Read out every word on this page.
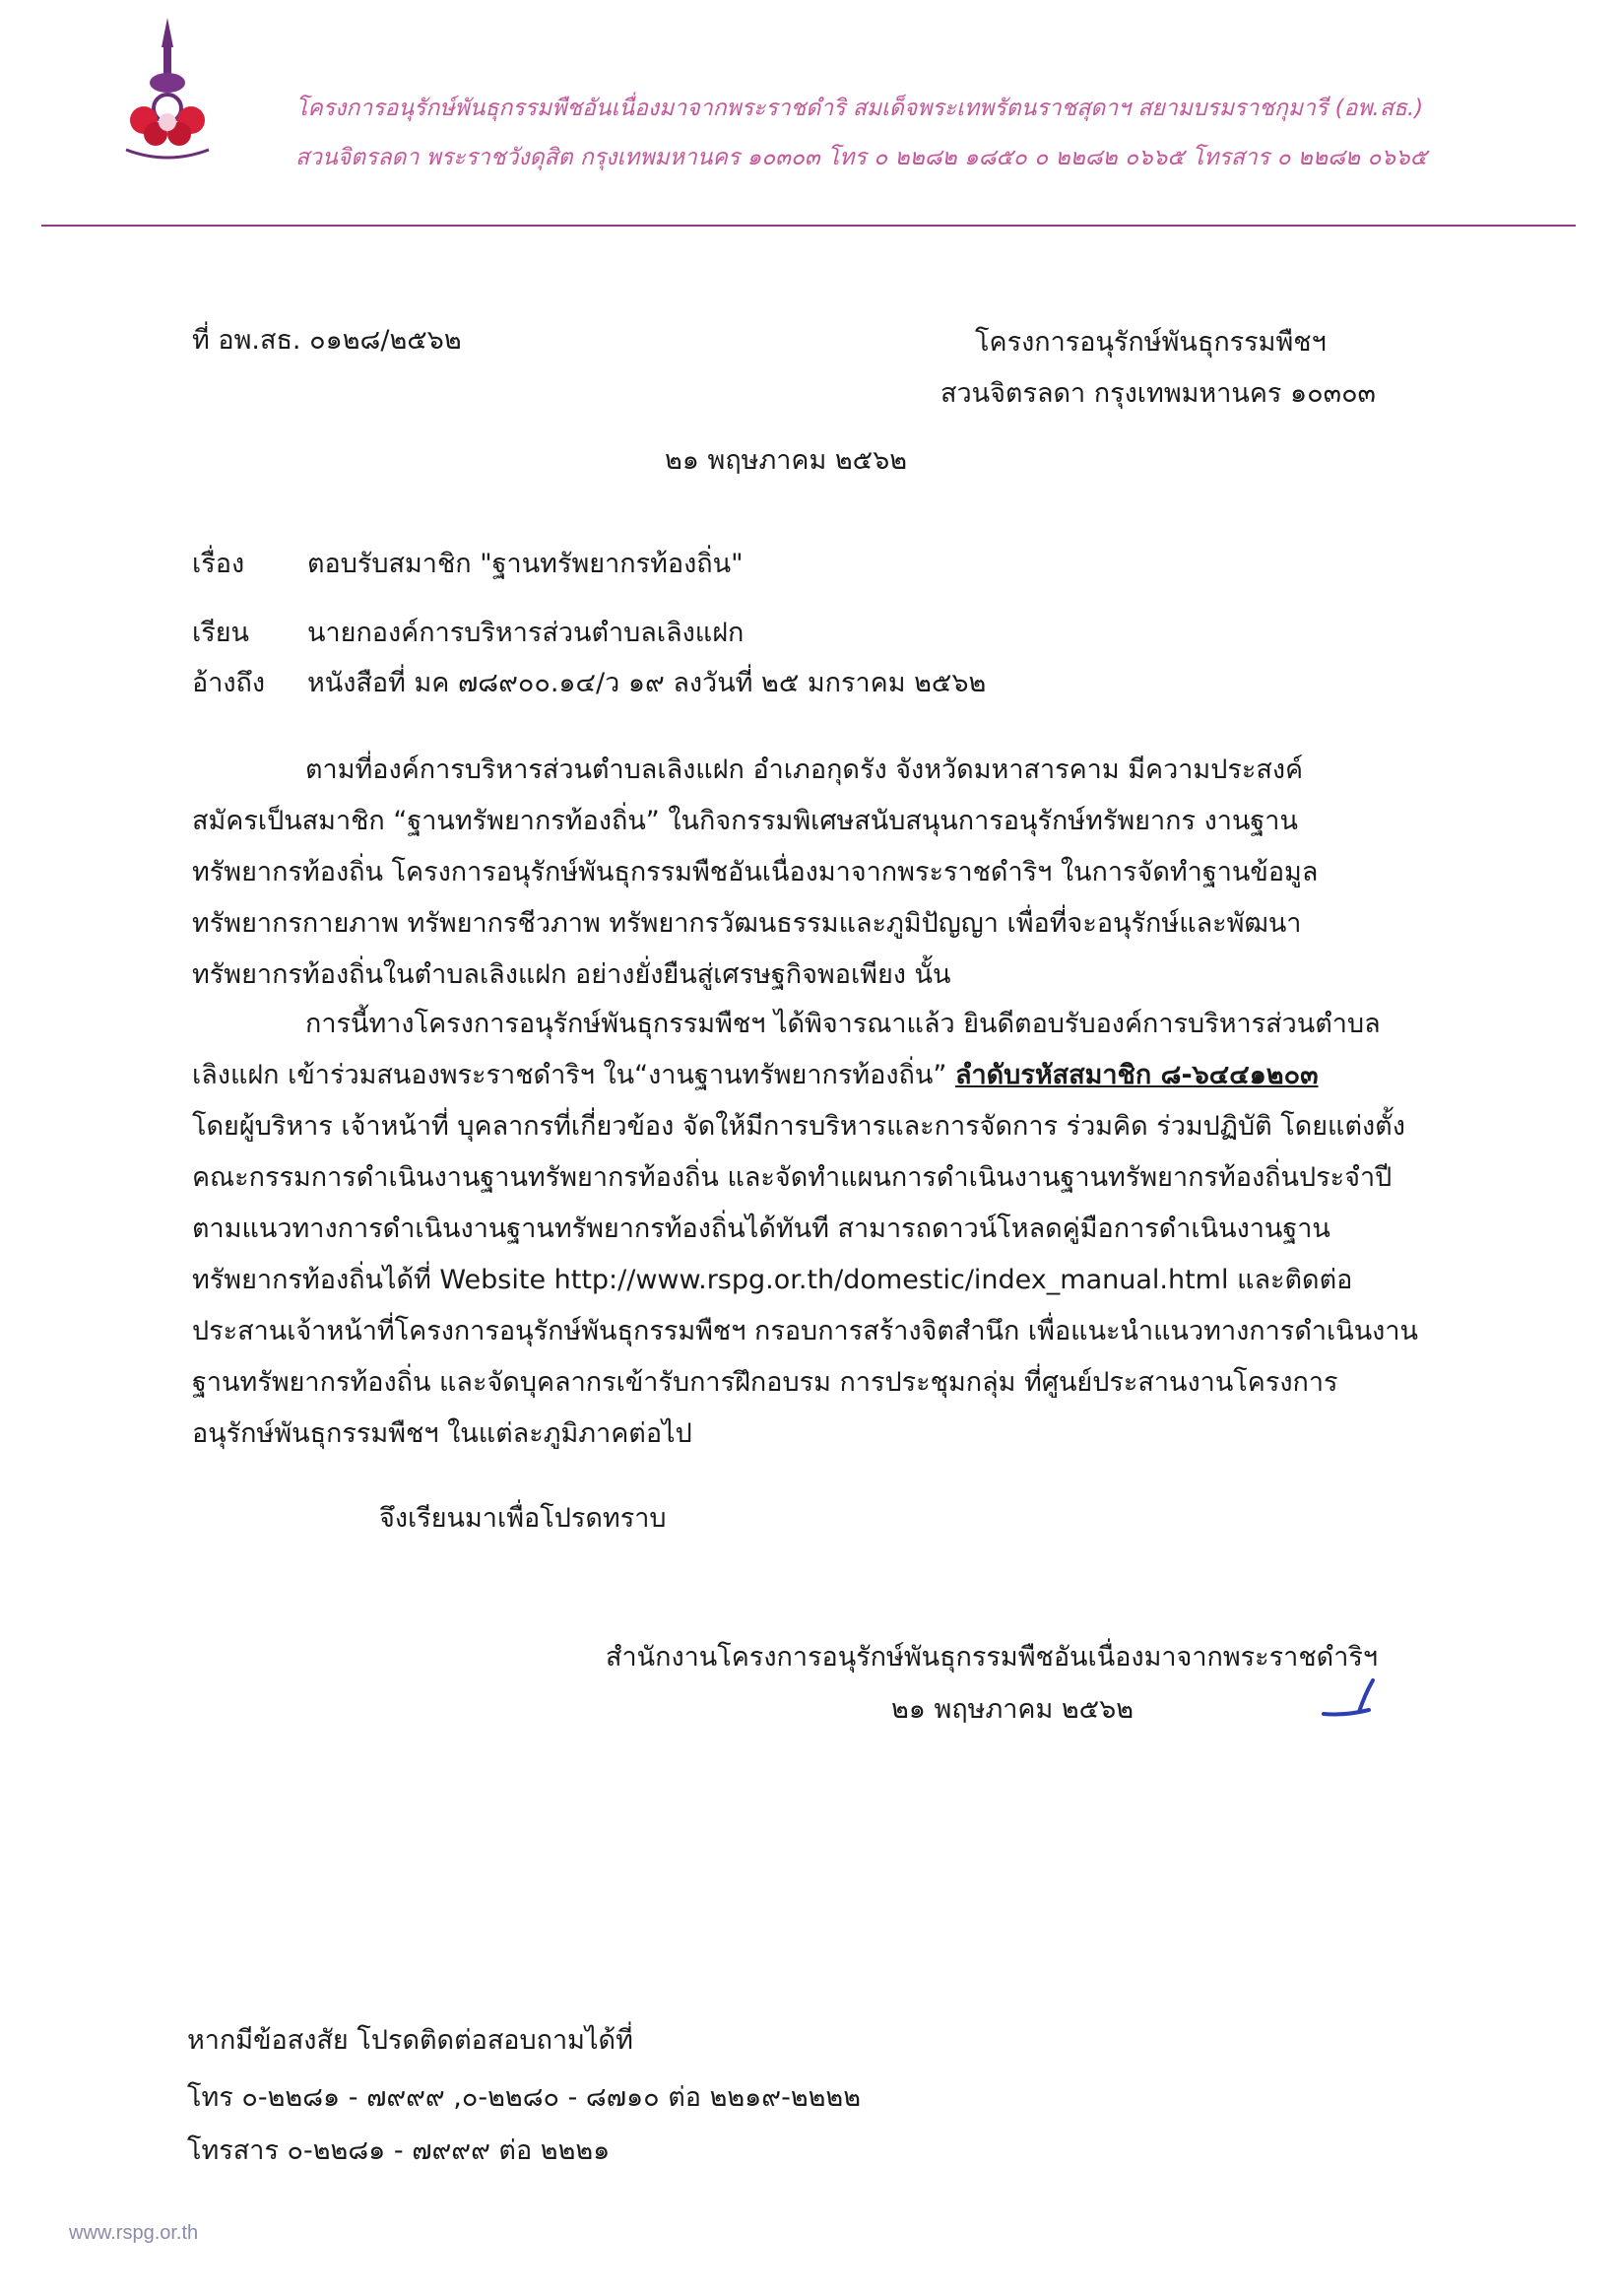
โครงการอนุรักษ์พันธุกรรมพืชอันเนื่องมาจากพระราชดำริ สมเด็จพระเทพรัตนราชสุดาฯ สยามบรมราชกุมารี (อพ.สธ.)
สวนจิตรลดา พระราชวังดุสิต กรุงเทพมหานคร ๑๐๓๐๓ โทร ๐ ๒๒๘๒ ๑๘๕๐ ๐ ๒๒๘๒ ๐๖๖๕ โทรสาร ๐ ๒๒๘๒ ๐๖๖๕
ที่ อพ.สธ. ๐๑๒๘/๒๕๖๒	โครงการอนุรักษ์พันธุกรรมพืชฯ
สวนจิตรลดา กรุงเทพมหานคร ๑๐๓๐๓
๒๑ พฤษภาคม ๒๕๖๒
เรื่อง ตอบรับสมาชิก "ฐานทรัพยากรท้องถิ่น"
เรียน นายกองค์การบริหารส่วนตำบลเลิงแฝก
อ้างถึง หนังสือที่ มค ๗๘๙๐๐.๑๔/ว ๑๙ ลงวันที่ ๒๕ มกราคม ๒๕๖๒
ตามที่องค์การบริหารส่วนตำบลเลิงแฝก อำเภอกุดรัง จังหวัดมหาสารคาม มีความประสงค์
สมัครเป็นสมาชิก “ฐานทรัพยากรท้องถิ่น” ในกิจกรรมพิเศษสนับสนุนการอนุรักษ์ทรัพยากร งานฐาน
ทรัพยากรท้องถิ่น โครงการอนุรักษ์พันธุกรรมพืชอันเนื่องมาจากพระราชดำริฯ ในการจัดทำฐานข้อมูล
ทรัพยากรกายภาพ ทรัพยากรชีวภาพ ทรัพยากรวัฒนธรรมและภูมิปัญญา เพื่อที่จะอนุรักษ์และพัฒนา
ทรัพยากรท้องถิ่นในตำบลเลิงแฝก อย่างยั่งยืนสู่เศรษฐกิจพอเพียง นั้น
การนี้ทางโครงการอนุรักษ์พันธุกรรมพืชฯ ได้พิจารณาแล้ว ยินดีตอบรับองค์การบริหารส่วนตำบล
เลิงแฝก เข้าร่วมสนองพระราชดำริฯ ใน“งานฐานทรัพยากรท้องถิ่น” ลำดับรหัสสมาชิก ๘-๖๔๔๑๒๐๓
โดยผู้บริหาร เจ้าหน้าที่ บุคลากรที่เกี่ยวข้อง จัดให้มีการบริหารและการจัดการ ร่วมคิด ร่วมปฏิบัติ โดยแต่งตั้ง
คณะกรรมการดำเนินงานฐานทรัพยากรท้องถิ่น และจัดทำแผนการดำเนินงานฐานทรัพยากรท้องถิ่นประจำปี
ตามแนวทางการดำเนินงานฐานทรัพยากรท้องถิ่นได้ทันที สามารถดาวน์โหลดคู่มือการดำเนินงานฐาน
ทรัพยากรท้องถิ่นได้ที่ Website http://www.rspg.or.th/domestic/index_manual.html และติดต่อ
ประสานเจ้าหน้าที่โครงการอนุรักษ์พันธุกรรมพืชฯ กรอบการสร้างจิตสำนึก เพื่อแนะนำแนวทางการดำเนินงาน
ฐานทรัพยากรท้องถิ่น และจัดบุคลากรเข้ารับการฝึกอบรม การประชุมกลุ่ม ที่ศูนย์ประสานงานโครงการ
อนุรักษ์พันธุกรรมพืชฯ ในแต่ละภูมิภาคต่อไป
จึงเรียนมาเพื่อโปรดทราบ
สำนักงานโครงการอนุรักษ์พันธุกรรมพืชอันเนื่องมาจากพระราชดำริฯ
๒๑ พฤษภาคม ๒๕๖๒
หากมีข้อสงสัย โปรดติดต่อสอบถามได้ที่
โทร ๐-๒๒๘๑ - ๗๙๙๙ ,๐-๒๒๘๐ - ๘๗๑๐ ต่อ ๒๒๑๙-๒๒๒๒
โทรสาร ๐-๒๒๘๑ - ๗๙๙๙ ต่อ ๒๒๒๑
www.rspg.or.th
